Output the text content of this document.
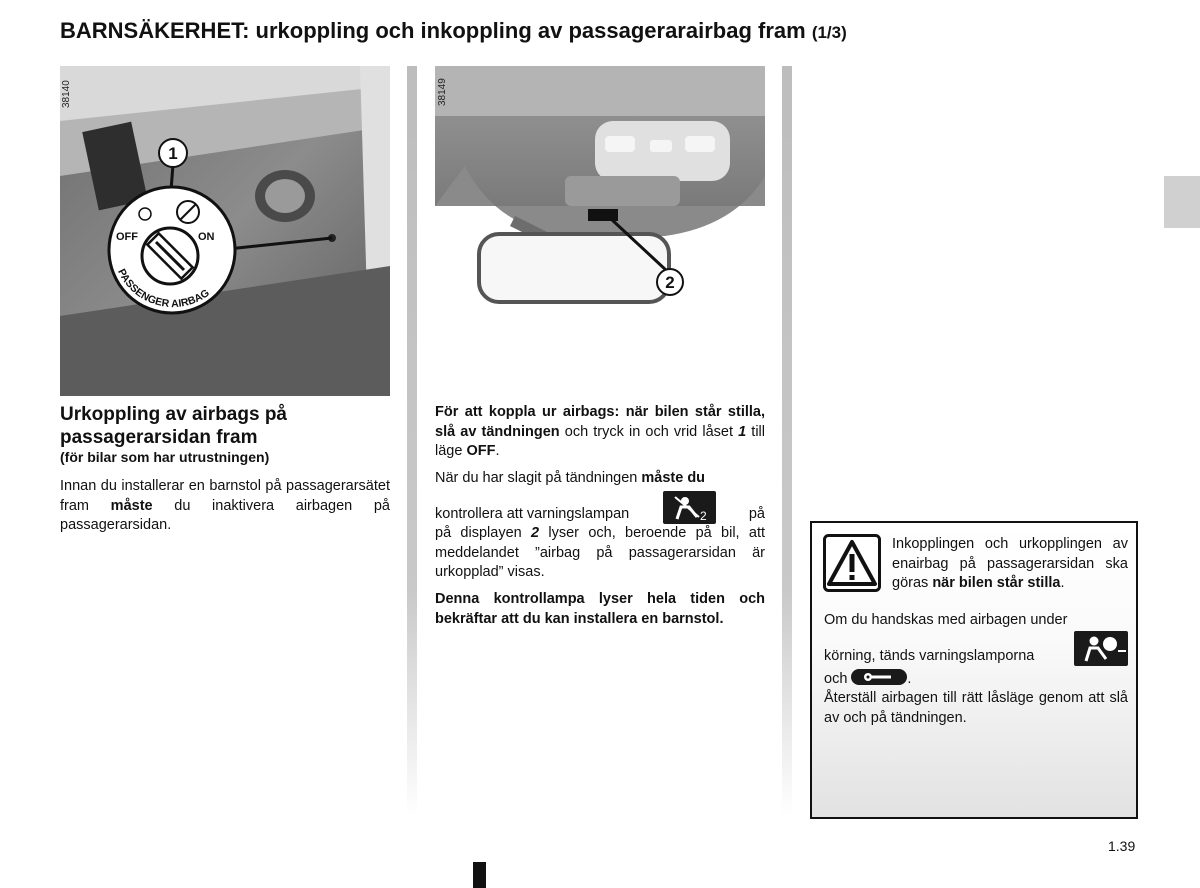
BARNSÄKERHET: urkoppling och inkoppling av passagerarairbag fram (1/3)
OFF	ON
PASSENGER AIRBAG
1
38140
2
38149
Urkoppling av airbags på passagerarsidan fram
(för bilar som har utrustningen)
Innan du installerar en barnstol på passagerarsätet fram måste du inaktivera airbagen på passagerarsidan.
För att koppla ur airbags: när bilen står stilla, slå av tändningen och tryck in och vrid låset 1 till läge OFF.
När du har slagit på tändningen måste du
kontrollera att varningslampan	2	på
på displayen 2 lyser och, beroende på bil, att meddelandet ”airbag på passagerarsidan är urkopplad” visas.
Denna kontrollampa lyser hela tiden och bekräftar att du kan installera en barnstol.
Inkopplingen och urkopplingen av enairbag på passagerarsidan ska göras när bilen står stilla.
Om du handskas med airbagen under
körning, tänds varningslamporna
och	.
Återställ airbagen till rätt låsläge genom att slå av och på tändningen.
1.39
